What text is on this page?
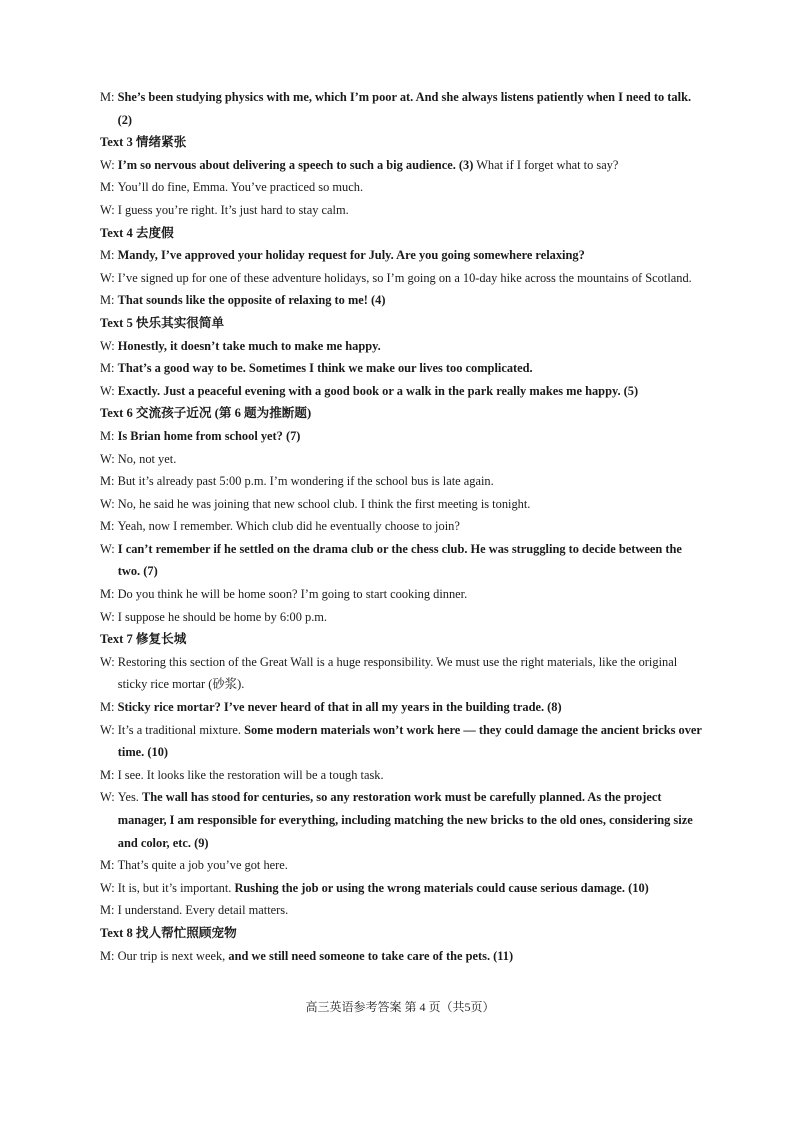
M: She’s been studying physics with me, which I’m poor at. And she always listens patiently when I need to talk. (2)
Text 3 情绪紧张
W: I’m so nervous about delivering a speech to such a big audience. (3) What if I forget what to say?
M: You’ll do fine, Emma. You’ve practiced so much.
W: I guess you’re right. It’s just hard to stay calm.
Text 4 去度假
M: Mandy, I’ve approved your holiday request for July. Are you going somewhere relaxing?
W: I’ve signed up for one of these adventure holidays, so I’m going on a 10-day hike across the mountains of Scotland.
M: That sounds like the opposite of relaxing to me! (4)
Text 5 快乐其实很简单
W: Honestly, it doesn’t take much to make me happy.
M: That’s a good way to be. Sometimes I think we make our lives too complicated.
W: Exactly. Just a peaceful evening with a good book or a walk in the park really makes me happy. (5)
Text 6 交流孩子近况 (第 6 题为推断题)
M: Is Brian home from school yet? (7)
W: No, not yet.
M: But it’s already past 5:00 p.m. I’m wondering if the school bus is late again.
W: No, he said he was joining that new school club. I think the first meeting is tonight.
M: Yeah, now I remember. Which club did he eventually choose to join?
W: I can’t remember if he settled on the drama club or the chess club. He was struggling to decide between the two. (7)
M: Do you think he will be home soon? I’m going to start cooking dinner.
W: I suppose he should be home by 6:00 p.m.
Text 7 修复长城
W: Restoring this section of the Great Wall is a huge responsibility. We must use the right materials, like the original sticky rice mortar (砂浆).
M: Sticky rice mortar? I’ve never heard of that in all my years in the building trade. (8)
W: It’s a traditional mixture. Some modern materials won’t work here — they could damage the ancient bricks over time. (10)
M: I see. It looks like the restoration will be a tough task.
W: Yes. The wall has stood for centuries, so any restoration work must be carefully planned. As the project manager, I am responsible for everything, including matching the new bricks to the old ones, considering size and color, etc. (9)
M: That’s quite a job you’ve got here.
W: It is, but it’s important. Rushing the job or using the wrong materials could cause serious damage. (10)
M: I understand. Every detail matters.
Text 8 找人帮忙照顾宠物
M: Our trip is next week, and we still need someone to take care of the pets. (11)
高三英语参考答案 第 4 页（共5页）
